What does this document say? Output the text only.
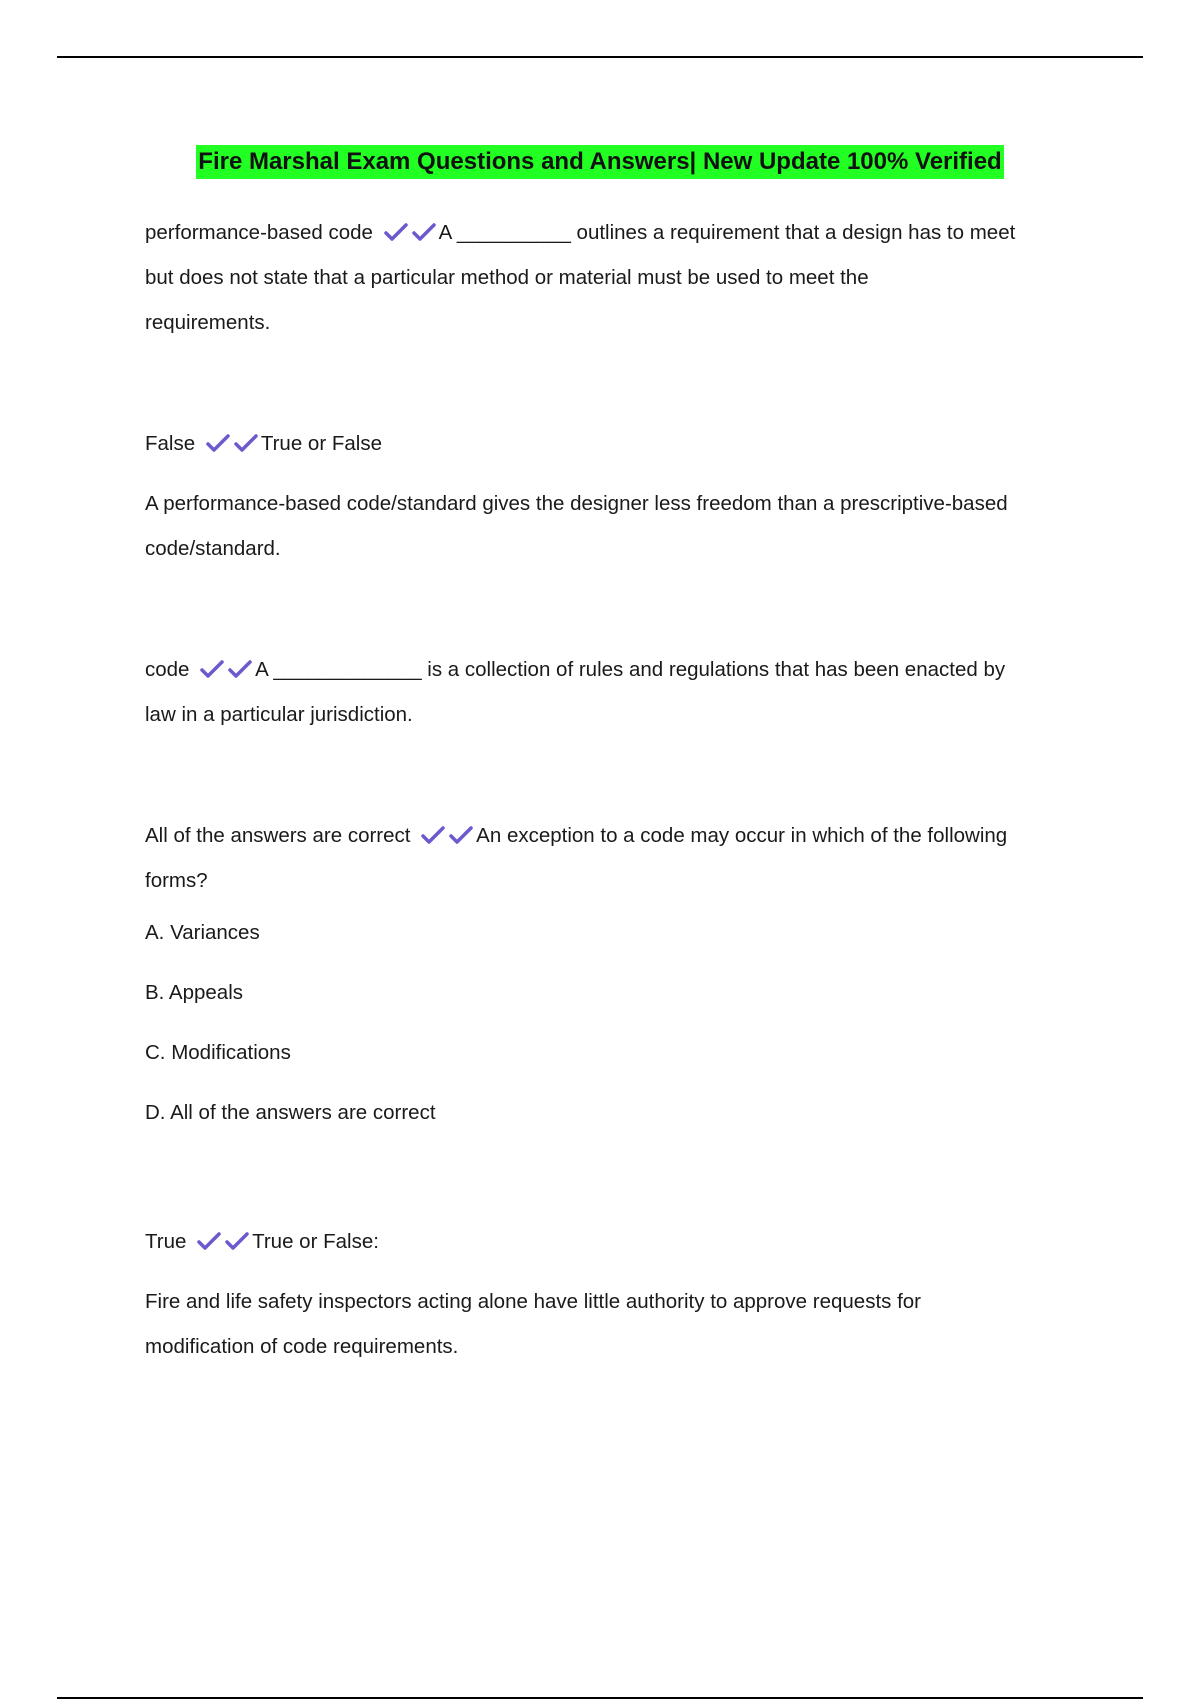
Fire Marshal Exam Questions and Answers| New Update 100% Verified

performance-based code	A __________ outlines a requirement that a design has to meet

but does not state that a particular method or material must be used to meet the

requirements.

False	True or False

A performance-based code/standard gives the designer less freedom than a prescriptive-based

code/standard.

code	A _____________ is a collection of rules and regulations that has been enacted by

law in a particular jurisdiction.

All of the answers are correct	An exception to a code may occur in which of the following

forms?

A. Variances

B. Appeals

C. Modifications

D. All of the answers are correct

True	True or False:

Fire and life safety inspectors acting alone have little authority to approve requests for

modification of code requirements.
